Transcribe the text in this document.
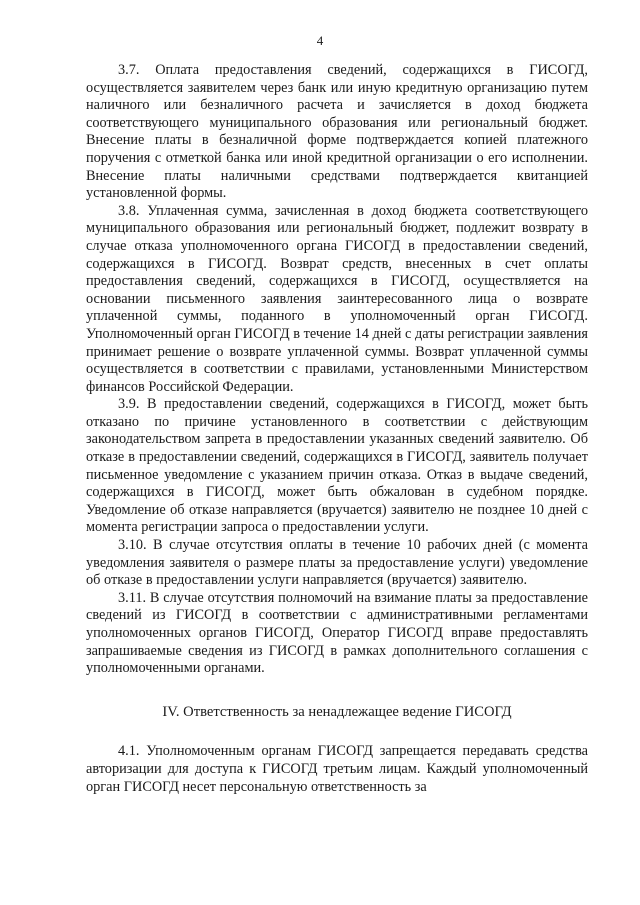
4

3.7. Оплата предоставления сведений, содержащихся в ГИСОГД, осуществляется заявителем через банк или иную кредитную организацию путем наличного или безналичного расчета и зачисляется в доход бюджета соответствующего муниципального образования или региональный бюджет. Внесение платы в безналичной форме подтверждается копией платежного поручения с отметкой банка или иной кредитной организации о его исполнении. Внесение платы наличными средствами подтверждается квитанцией установленной формы.

3.8. Уплаченная сумма, зачисленная в доход бюджета соответствующего муниципального образования или региональный бюджет, подлежит возврату в случае отказа уполномоченного органа ГИСОГД в предоставлении сведений, содержащихся в ГИСОГД. Возврат средств, внесенных в счет оплаты предоставления сведений, содержащихся в ГИСОГД, осуществляется на основании письменного заявления заинтересованного лица о возврате уплаченной суммы, поданного в уполномоченный орган ГИСОГД. Уполномоченный орган ГИСОГД в течение 14 дней с даты регистрации заявления принимает решение о возврате уплаченной суммы. Возврат уплаченной суммы осуществляется в соответствии с правилами, установленными Министерством финансов Российской Федерации.

3.9. В предоставлении сведений, содержащихся в ГИСОГД, может быть отказано по причине установленного в соответствии с действующим законодательством запрета в предоставлении указанных сведений заявителю. Об отказе в предоставлении сведений, содержащихся в ГИСОГД, заявитель получает письменное уведомление с указанием причин отказа. Отказ в выдаче сведений, содержащихся в ГИСОГД, может быть обжалован в судебном порядке. Уведомление об отказе направляется (вручается) заявителю не позднее 10 дней с момента регистрации запроса о предоставлении услуги.

3.10. В случае отсутствия оплаты в течение 10 рабочих дней (с момента уведомления заявителя о размере платы за предоставление услуги) уведомление об отказе в предоставлении услуги направляется (вручается) заявителю.

3.11. В случае отсутствия полномочий на взимание платы за предоставление сведений из ГИСОГД в соответствии с административными регламентами уполномоченных органов ГИСОГД, Оператор ГИСОГД вправе предоставлять запрашиваемые сведения из ГИСОГД в рамках дополнительного соглашения с уполномоченными органами.

IV. Ответственность за ненадлежащее ведение ГИСОГД

4.1. Уполномоченным органам ГИСОГД запрещается передавать средства авторизации для доступа к ГИСОГД третьим лицам. Каждый уполномоченный орган ГИСОГД несет персональную ответственность за
